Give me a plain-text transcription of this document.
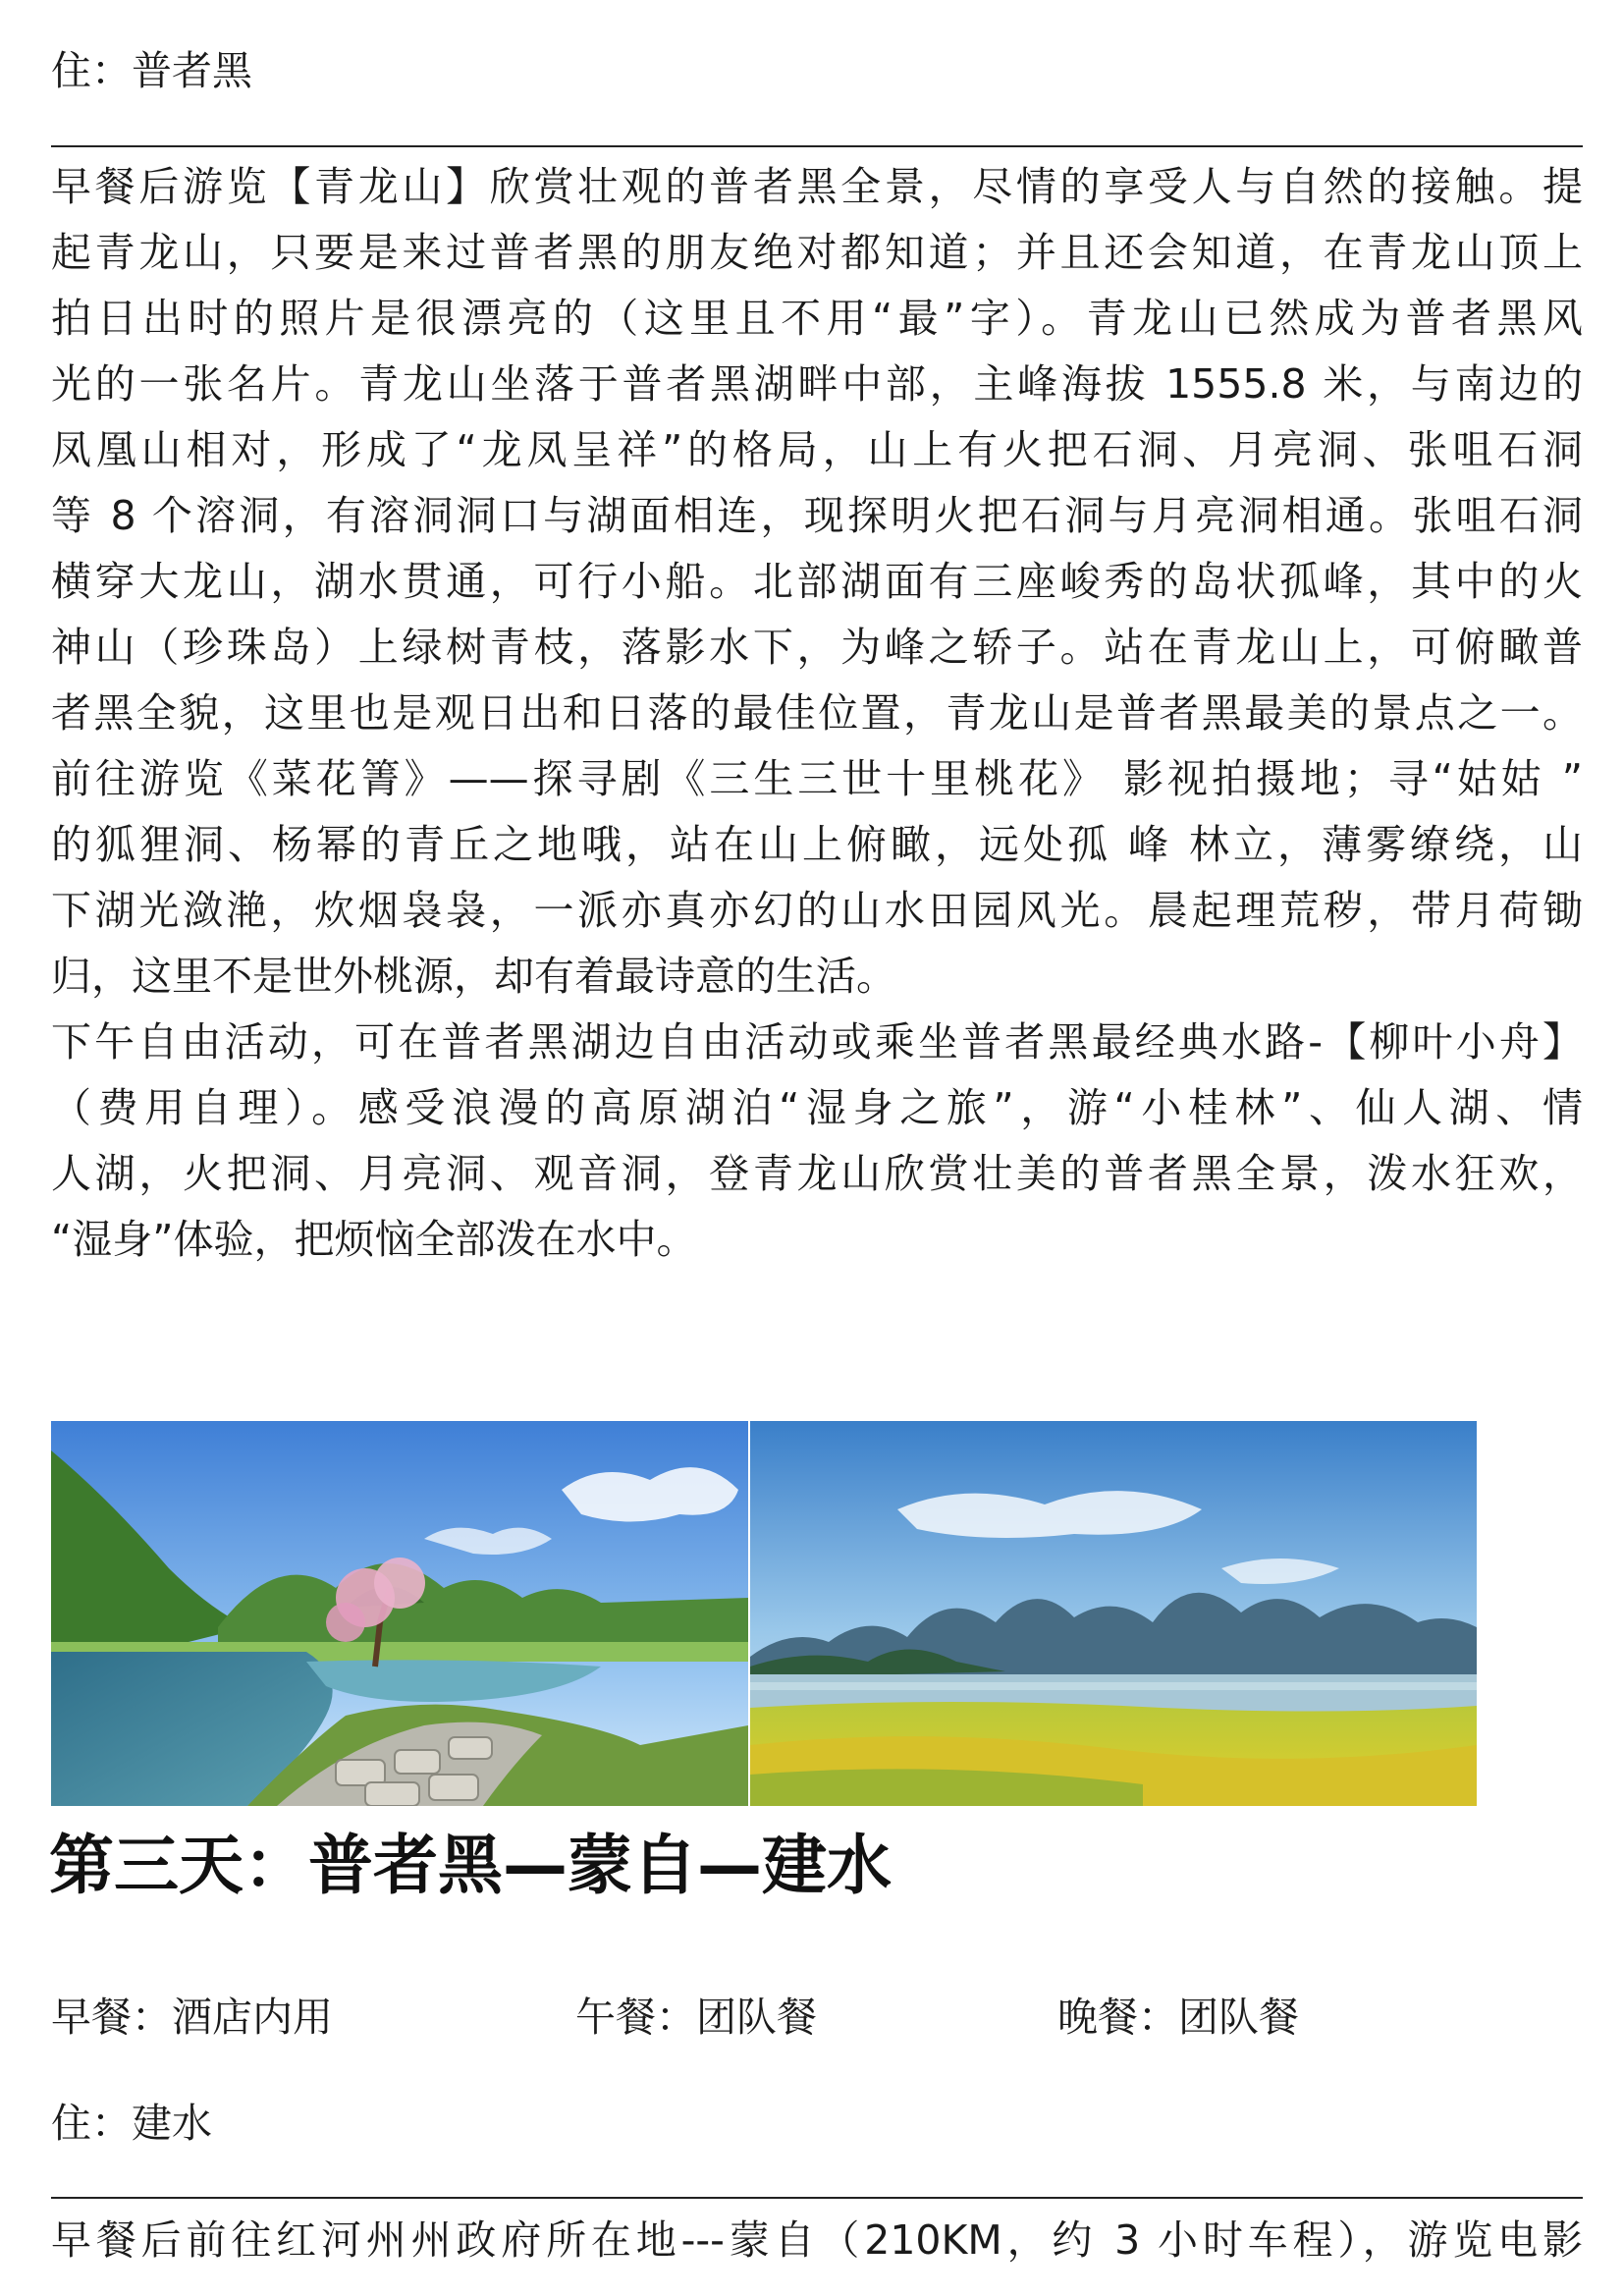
住：普者黑
早餐后游览【青龙山】欣赏壮观的普者黑全景，尽情的享受人与自然的接触。提
起青龙山，只要是来过普者黑的朋友绝对都知道；并且还会知道，在青龙山顶上
拍日出时的照片是很漂亮的（这里且不用“最”字）。青龙山已然成为普者黑风
光的一张名片。青龙山坐落于普者黑湖畔中部，主峰海拔 1555.8 米，与南边的
凤凰山相对，形成了“龙凤呈祥”的格局，山上有火把石洞、月亮洞、张咀石洞
等 8 个溶洞，有溶洞洞口与湖面相连，现探明火把石洞与月亮洞相通。张咀石洞
横穿大龙山，湖水贯通，可行小船。北部湖面有三座峻秀的岛状孤峰，其中的火
神山（珍珠岛）上绿树青枝，落影水下，为峰之轿子。站在青龙山上，可俯瞰普
者黑全貌，这里也是观日出和日落的最佳位置，青龙山是普者黑最美的景点之一。
前往游览《菜花箐》——探寻剧《三生三世十里桃花》 影视拍摄地；寻“姑姑 ”
的狐狸洞、杨幂的青丘之地哦，站在山上俯瞰，远处孤 峰 林立，薄雾缭绕，山
下湖光潋滟，炊烟袅袅，一派亦真亦幻的山水田园风光。晨起理荒秽，带月荷锄
归，这里不是世外桃源，却有着最诗意的生活。
下午自由活动，可在普者黑湖边自由活动或乘坐普者黑最经典水路-【柳叶小舟】
（费用自理）。感受浪漫的高原湖泊“湿身之旅”，游“小桂林”、仙人湖、情
人湖，火把洞、月亮洞、观音洞，登青龙山欣赏壮美的普者黑全景，泼水狂欢，
“湿身”体验，把烦恼全部泼在水中。
第三天：普者黑—蒙自—建水
早餐：酒店内用	午餐：团队餐	晚餐：团队餐
住：建水
早餐后前往红河州州政府所在地---蒙自（210KM，约 3 小时车程），游览电影
